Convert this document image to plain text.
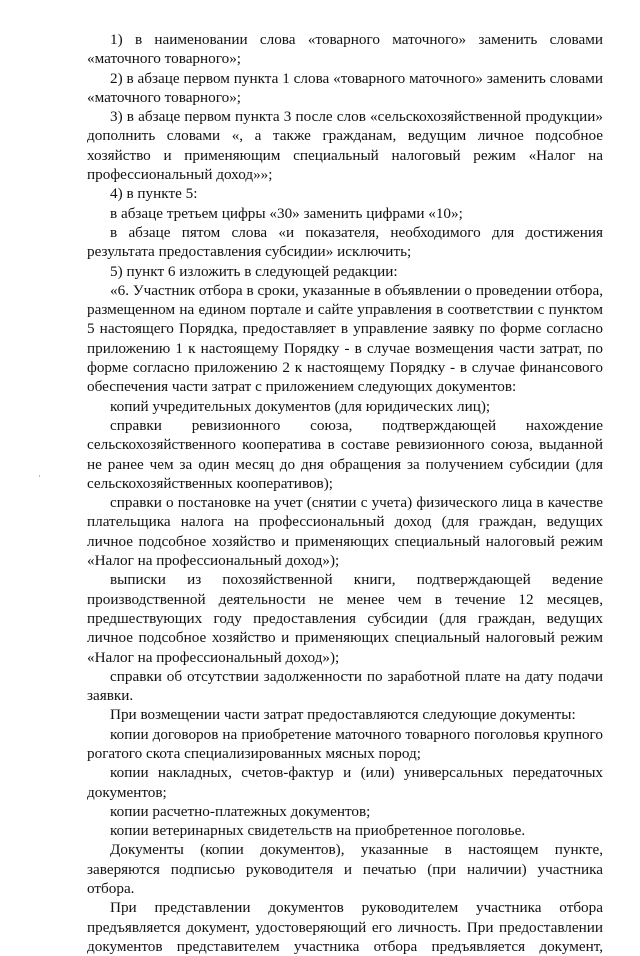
1) в наименовании слова «товарного маточного» заменить словами «маточного товарного»;

2) в абзаце первом пункта 1 слова «товарного маточного» заменить словами «маточного товарного»;

3) в абзаце первом пункта 3 после слов «сельскохозяйственной продукции» дополнить словами «, а также гражданам, ведущим личное подсобное хозяйство и применяющим специальный налоговый режим «Налог на профессиональный доход»»;

4) в пункте 5:

в абзаце третьем цифры «30» заменить цифрами «10»;

в абзаце пятом слова «и показателя, необходимого для достижения результата предоставления субсидии» исключить;

5) пункт 6 изложить в следующей редакции:

«6. Участник отбора в сроки, указанные в объявлении о проведении отбора, размещенном на едином портале и сайте управления в соответствии с пунктом 5 настоящего Порядка, предоставляет в управление заявку по форме согласно приложению 1 к настоящему Порядку - в случае возмещения части затрат, по форме согласно приложению 2 к настоящему Порядку - в случае финансового обеспечения части затрат с приложением следующих документов:

копий учредительных документов (для юридических лиц);

справки ревизионного союза, подтверждающей нахождение сельскохозяйственного кооператива в составе ревизионного союза, выданной не ранее чем за один месяц до дня обращения за получением субсидии (для сельскохозяйственных кооперативов);

справки о постановке на учет (снятии с учета) физического лица в качестве плательщика налога на профессиональный доход (для граждан, ведущих личное подсобное хозяйство и применяющих специальный налоговый режим «Налог на профессиональный доход»);

выписки из похозяйственной книги, подтверждающей ведение производственной деятельности не менее чем в течение 12 месяцев, предшествующих году предоставления субсидии (для граждан, ведущих личное подсобное хозяйство и применяющих специальный налоговый режим «Налог на профессиональный доход»);

справки об отсутствии задолженности по заработной плате на дату подачи заявки.

При возмещении части затрат предоставляются следующие документы:

копии договоров на приобретение маточного товарного поголовья крупного рогатого скота специализированных мясных пород;

копии накладных, счетов-фактур и (или) универсальных передаточных документов;

копии расчетно-платежных документов;

копии ветеринарных свидетельств на приобретенное поголовье.

Документы (копии документов), указанные в настоящем пункте, заверяются подписью руководителя и печатью (при наличии) участника отбора.

При представлении документов руководителем участника отбора предъявляется документ, удостоверяющий его личность. При предоставлении документов представителем участника отбора предъявляется документ,
